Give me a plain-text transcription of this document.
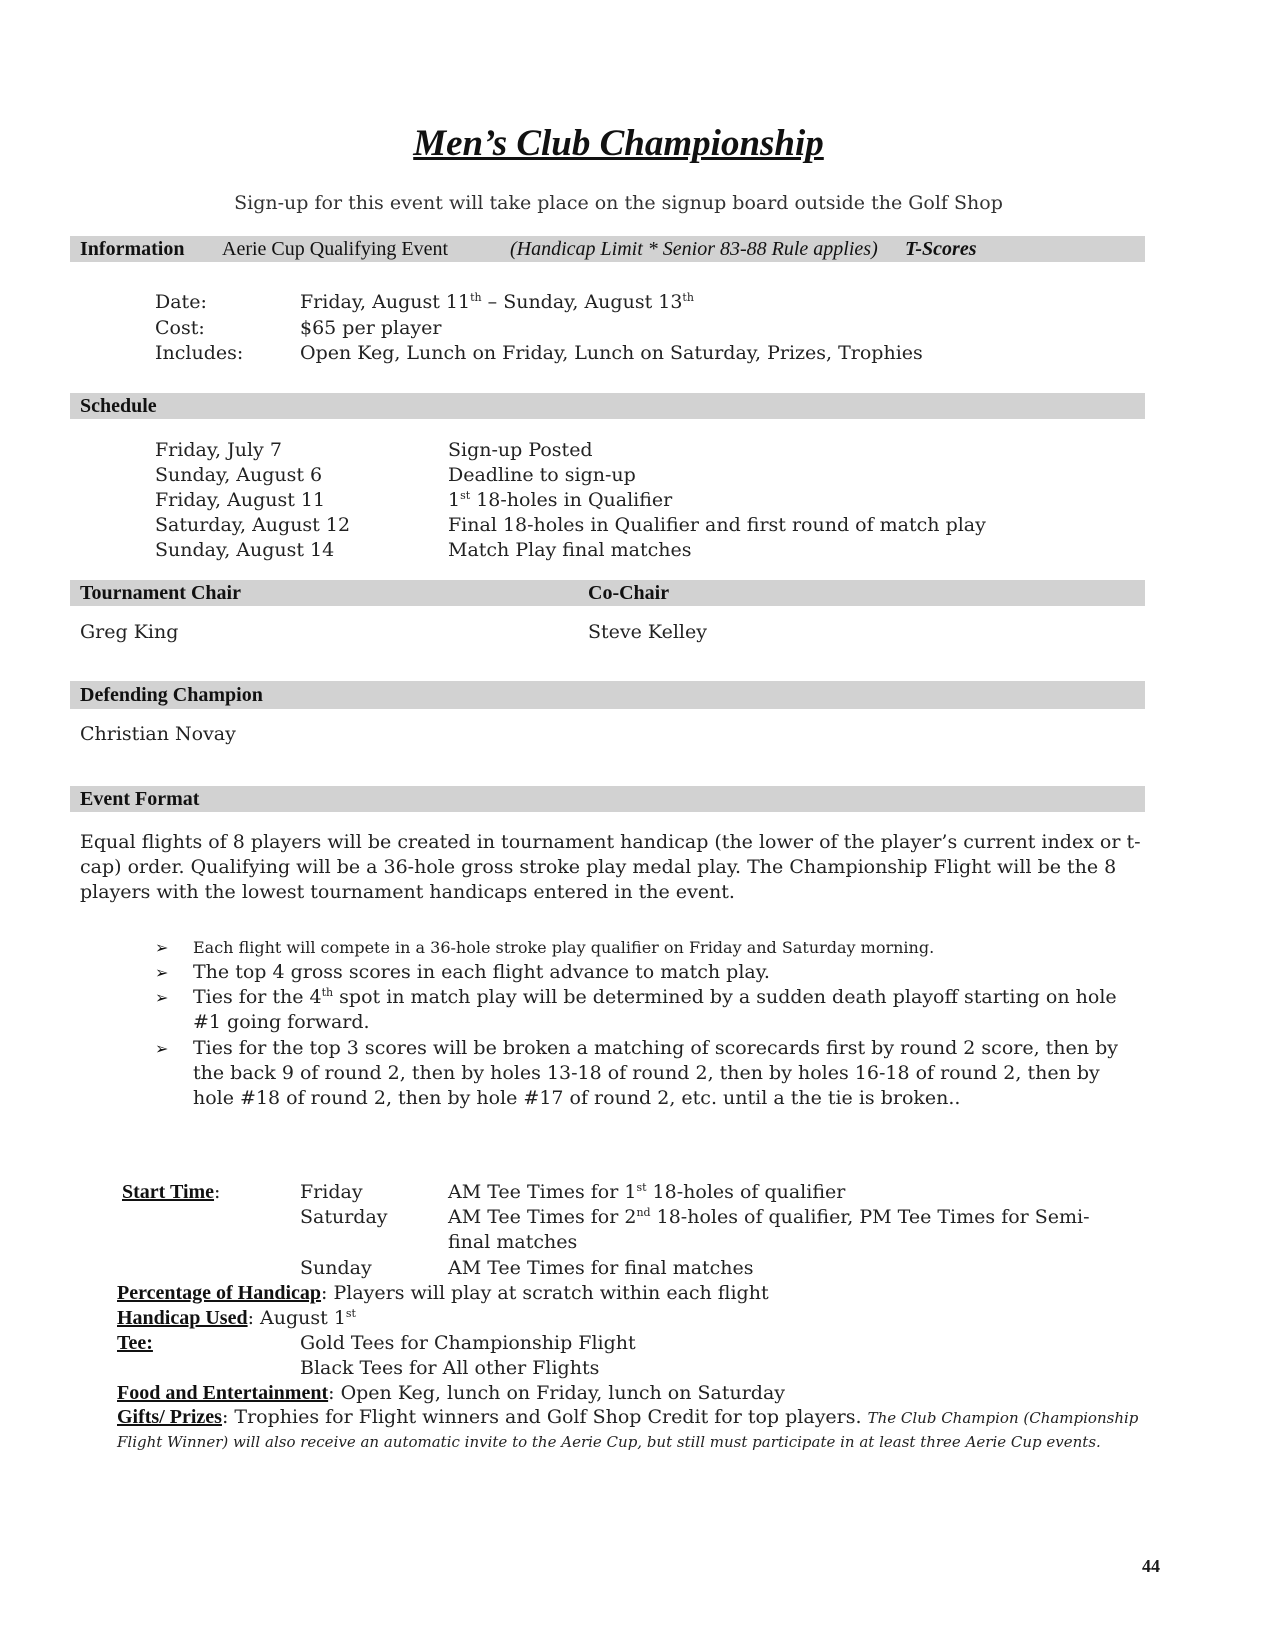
Men’s Club Championship
Sign-up for this event will take place on the signup board outside the Golf Shop
Information Aerie Cup Qualifying Event	(Handicap Limit * Senior 83-88 Rule applies) T-Scores
Date:	Friday, August 11th – Sunday, August 13th
Cost:	$65 per player
Includes:	Open Keg, Lunch on Friday, Lunch on Saturday, Prizes, Trophies
Schedule
Friday, July 7	Sign-up Posted
Sunday, August 6	Deadline to sign-up
Friday, August 11	1st 18-holes in Qualifier
Saturday, August 12	Final 18-holes in Qualifier and first round of match play
Sunday, August 14	Match Play final matches
Tournament Chair	Co-Chair
Greg King	Steve Kelley
Defending Champion
Christian Novay
Event Format
Equal flights of 8 players will be created in tournament handicap (the lower of the player’s current index or t-cap) order. Qualifying will be a 36-hole gross stroke play medal play. The Championship Flight will be the 8 players with the lowest tournament handicaps entered in the event.
➢ Each flight will compete in a 36-hole stroke play qualifier on Friday and Saturday morning.
➢ The top 4 gross scores in each flight advance to match play.
➢ Ties for the 4th spot in match play will be determined by a sudden death playoff starting on hole #1 going forward.
➢ Ties for the top 3 scores will be broken a matching of scorecards first by round 2 score, then by the back 9 of round 2, then by holes 13-18 of round 2, then by holes 16-18 of round 2, then by hole #18 of round 2, then by hole #17 of round 2, etc. until a the tie is broken..
Start Time:	Friday	AM Tee Times for 1st 18-holes of qualifier
Saturday	AM Tee Times for 2nd 18-holes of qualifier, PM Tee Times for Semi-final matches
Sunday	AM Tee Times for final matches
Percentage of Handicap: Players will play at scratch within each flight
Handicap Used: August 1st
Tee:	Gold Tees for Championship Flight
Black Tees for All other Flights
Food and Entertainment: Open Keg, lunch on Friday, lunch on Saturday
Gifts/ Prizes: Trophies for Flight winners and Golf Shop Credit for top players. The Club Champion (Championship Flight Winner) will also receive an automatic invite to the Aerie Cup, but still must participate in at least three Aerie Cup events.
44
